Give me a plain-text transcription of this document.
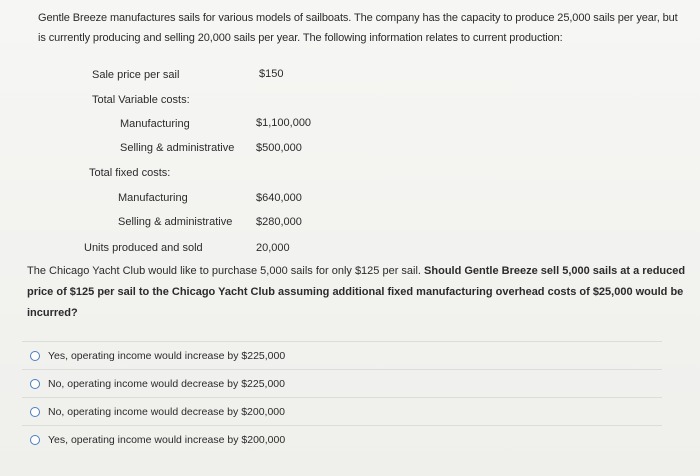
Gentle Breeze manufactures sails for various models of sailboats. The company has the capacity to produce 25,000 sails per year, but is currently producing and selling 20,000 sails per year. The following information relates to current production:
Sale price per sail	$150
Total Variable costs:
Manufacturing	$1,100,000
Selling & administrative $500,000
Total fixed costs:
Manufacturing	$640,000
Selling & administrative $280,000
Units produced and sold	20,000
The Chicago Yacht Club would like to purchase 5,000 sails for only $125 per sail. Should Gentle Breeze sell 5,000 sails at a reduced price of $125 per sail to the Chicago Yacht Club assuming additional fixed manufacturing overhead costs of $25,000 would be incurred?
Yes, operating income would increase by $225,000
No, operating income would decrease by $225,000
No, operating income would decrease by $200,000
Yes, operating income would increase by $200,000
